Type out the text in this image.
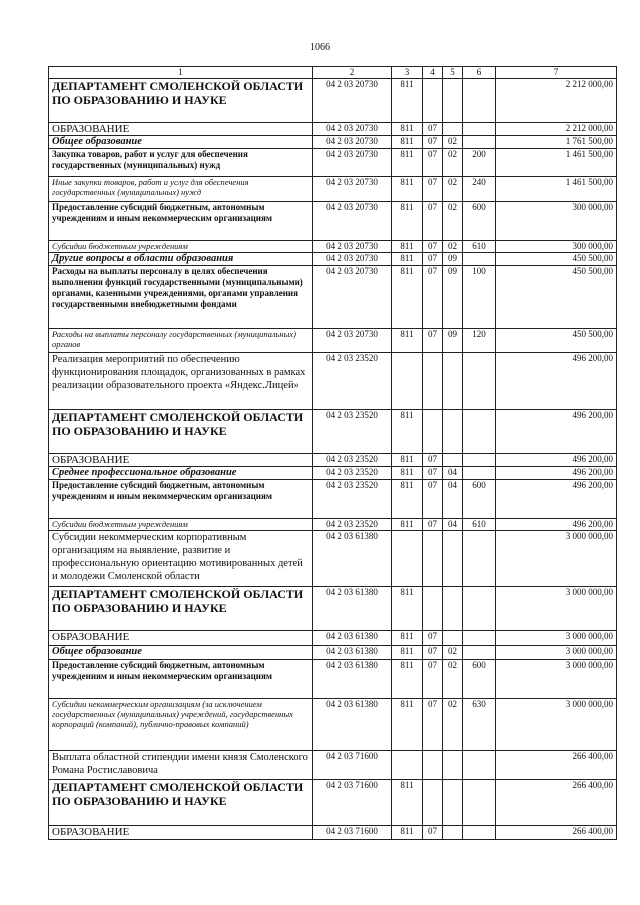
1066
1	2	3	4	5	6	7
ДЕПАРТАМЕНТ СМОЛЕНСКОЙ ОБЛАСТИ ПО ОБРАЗОВАНИЮ И НАУКЕ	04 2 03 20730	811				2 212 000,00
ОБРАЗОВАНИЕ	04 2 03 20730	811	07			2 212 000,00
Общее образование	04 2 03 20730	811	07	02		1 761 500,00
Закупка товаров, работ и услуг для обеспечения государственных (муниципальных) нужд	04 2 03 20730	811	07	02	200	1 461 500,00
Иные закупки товаров, работ и услуг для обеспечения государственных (муниципальных) нужд	04 2 03 20730	811	07	02	240	1 461 500,00
Предоставление субсидий бюджетным, автономным учреждениям и иным некоммерческим организациям	04 2 03 20730	811	07	02	600	300 000,00
Субсидии бюджетным учреждениям	04 2 03 20730	811	07	02	610	300 000,00
Другие вопросы в области образования	04 2 03 20730	811	07	09		450 500,00
Расходы на выплаты персоналу в целях обеспечения выполнения функций государственными (муниципальными) органами, казенными учреждениями, органами управления государственными внебюджетными фондами	04 2 03 20730	811	07	09	100	450 500,00
Расходы на выплаты персоналу государственных (муниципальных) органов	04 2 03 20730	811	07	09	120	450 500,00
Реализация мероприятий по обеспечению функционирования площадок, организованных в рамках реализации образовательного проекта «Яндекс.Лицей»	04 2 03 23520					496 200,00
ДЕПАРТАМЕНТ СМОЛЕНСКОЙ ОБЛАСТИ ПО ОБРАЗОВАНИЮ И НАУКЕ	04 2 03 23520	811				496 200,00
ОБРАЗОВАНИЕ	04 2 03 23520	811	07			496 200,00
Среднее профессиональное образование	04 2 03 23520	811	07	04		496 200,00
Предоставление субсидий бюджетным, автономным учреждениям и иным некоммерческим организациям	04 2 03 23520	811	07	04	600	496 200,00
Субсидии бюджетным учреждениям	04 2 03 23520	811	07	04	610	496 200,00
Субсидии некоммерческим корпоративным организациям на выявление, развитие и профессиональную ориентацию мотивированных детей и молодежи Смоленской области	04 2 03 61380					3 000 000,00
ДЕПАРТАМЕНТ СМОЛЕНСКОЙ ОБЛАСТИ ПО ОБРАЗОВАНИЮ И НАУКЕ	04 2 03 61380	811				3 000 000,00
ОБРАЗОВАНИЕ	04 2 03 61380	811	07			3 000 000,00
Общее образование	04 2 03 61380	811	07	02		3 000 000,00
Предоставление субсидий бюджетным, автономным учреждениям и иным некоммерческим организациям	04 2 03 61380	811	07	02	600	3 000 000,00
Субсидии некоммерческим организациям (за исключением государственных (муниципальных) учреждений, государственных корпораций (компаний), публично-правовых компаний)	04 2 03 61380	811	07	02	630	3 000 000,00
Выплата областной стипендии имени князя Смоленского Романа Ростиславовича	04 2 03 71600					266 400,00
ДЕПАРТАМЕНТ СМОЛЕНСКОЙ ОБЛАСТИ ПО ОБРАЗОВАНИЮ И НАУКЕ	04 2 03 71600	811				266 400,00
ОБРАЗОВАНИЕ	04 2 03 71600	811	07			266 400,00
